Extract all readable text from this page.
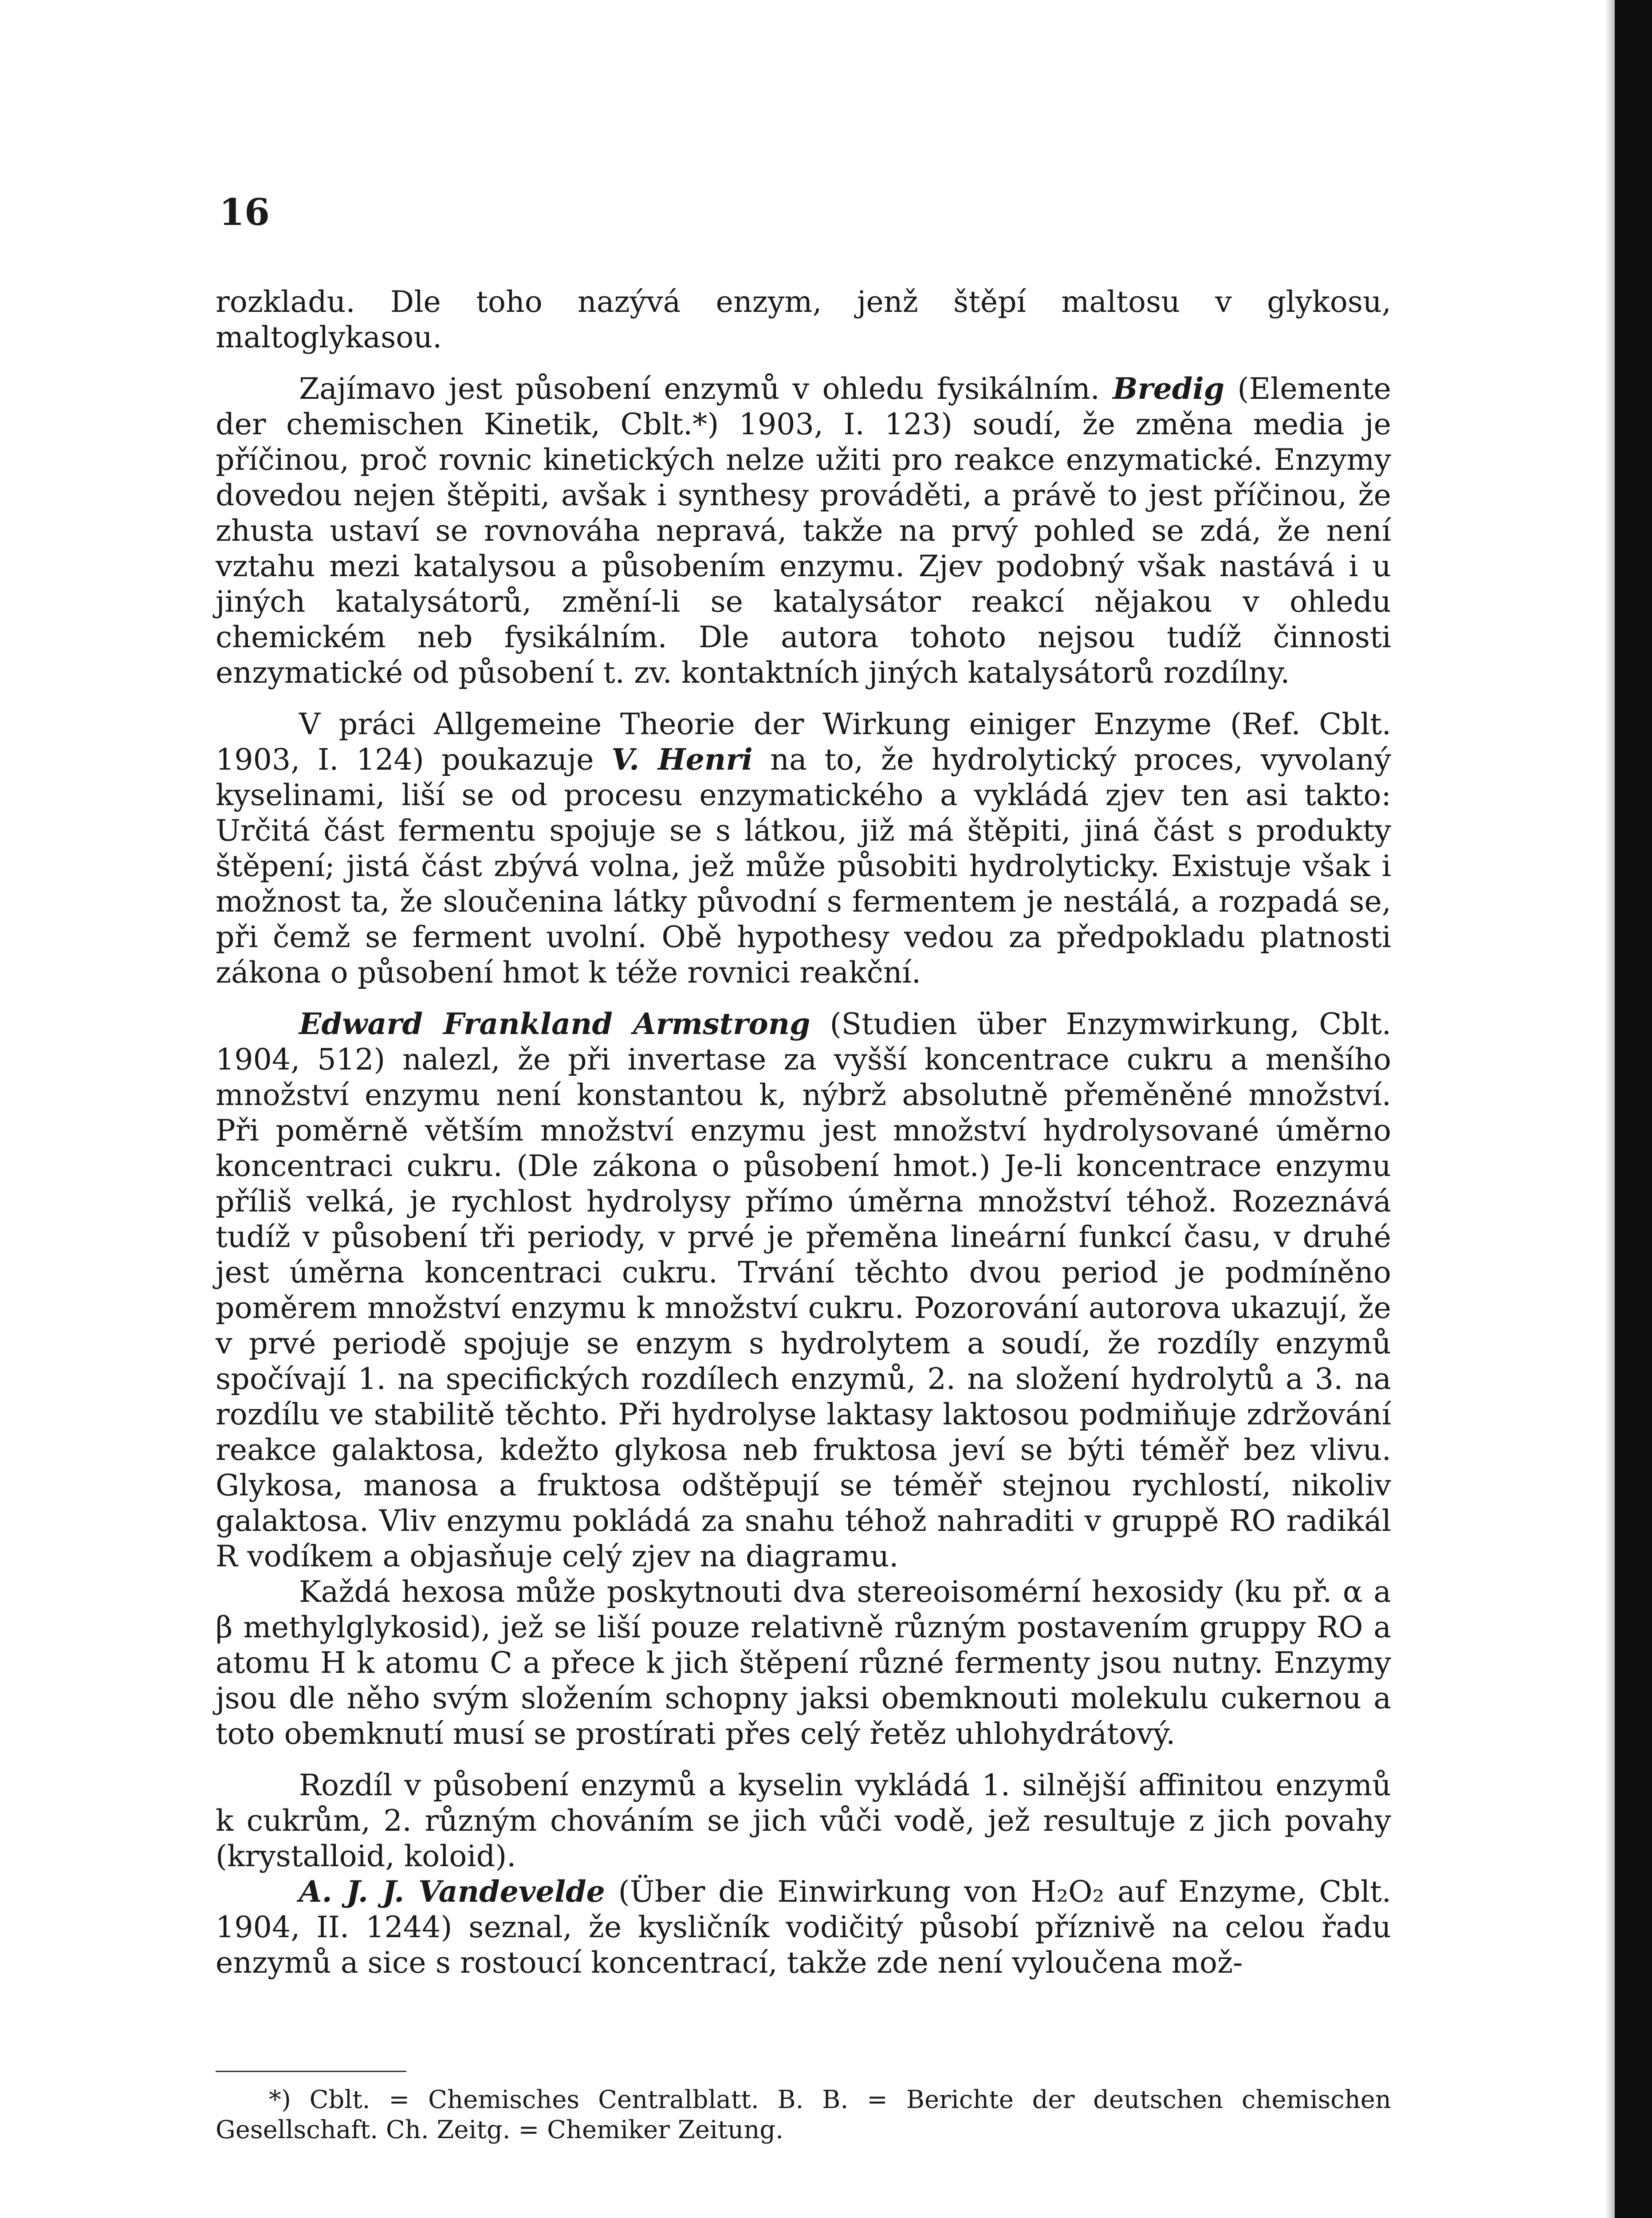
16

rozkladu. Dle toho nazývá enzym, jenž štěpí maltosu v glykosu, maltoglykasou.

Zajímavo jest působení enzymů v ohledu fysikálním. Bredig (Elemente der chemischen Kinetik, Cblt.*) 1903, I. 123) soudí, že změna media je příčinou, proč rovnic kinetických nelze užiti pro reakce enzymatické. Enzymy dovedou nejen štěpiti, avšak i synthesy prováděti, a právě to jest příčinou, že zhusta ustaví se rovnováha nepravá, takže na prvý pohled se zdá, že není vztahu mezi katalysou a působením enzymu. Zjev podobný však nastává i u jiných katalysátorů, změní-li se katalysátor reakcí nějakou v ohledu chemickém neb fysikálním. Dle autora tohoto nejsou tudíž činnosti enzymatické od působení t. zv. kontaktních jiných katalysátorů rozdílny.

V práci Allgemeine Theorie der Wirkung einiger Enzyme (Ref. Cblt. 1903, I. 124) poukazuje V. Henri na to, že hydrolytický proces, vyvolaný kyselinami, liší se od procesu enzymatického a vykládá zjev ten asi takto: Určitá část fermentu spojuje se s látkou, již má štěpiti, jiná část s produkty štěpení; jistá část zbývá volna, jež může působiti hydrolyticky. Existuje však i možnost ta, že sloučenina látky původní s fermentem je nestálá, a rozpadá se, při čemž se ferment uvolní. Obě hypothesy vedou za předpokladu platnosti zákona o působení hmot k téže rovnici reakční.

Edward Frankland Armstrong (Studien über Enzymwirkung, Cblt. 1904, 512) nalezl, že při invertase za vyšší koncentrace cukru a menšího množství enzymu není konstantou k, nýbrž absolutně přeměněné množství. Při poměrně větším množství enzymu jest množství hydrolysované úměrno koncentraci cukru. (Dle zákona o působení hmot.) Je-li koncentrace enzymu příliš velká, je rychlost hydrolysy přímo úměrna množství téhož. Rozeznává tudíž v působení tři periody, v prvé je přeměna lineární funkcí času, v druhé jest úměrna koncentraci cukru. Trvání těchto dvou period je podmíněno poměrem množství enzymu k množství cukru. Pozorování autorova ukazují, že v prvé periodě spojuje se enzym s hydrolytem a soudí, že rozdíly enzymů spočívají 1. na specifických rozdílech enzymů, 2. na složení hydrolytů a 3. na rozdílu ve stabilitě těchto. Při hydrolyse laktasy laktosou podmiňuje zdržování reakce galaktosa, kdežto glykosa neb fruktosa jeví se býti téměř bez vlivu. Glykosa, manosa a fruktosa odštěpují se téměř stejnou rychlostí, nikoliv galaktosa. Vliv enzymu pokládá za snahu téhož nahraditi v gruppě RO radikál R vodíkem a objasňuje celý zjev na diagramu.

Každá hexosa může poskytnouti dva stereoisomérní hexosidy (ku př. α a β methylglykosid), jež se liší pouze relativně různým postavením gruppy RO a atomu H k atomu C a přece k jich štěpení různé fermenty jsou nutny. Enzymy jsou dle něho svým složením schopny jaksi obemknouti molekulu cukernou a toto obemknutí musí se prostírati přes celý řetěz uhlohydrátový.

Rozdíl v působení enzymů a kyselin vykládá 1. silnější affinitou enzymů k cukrům, 2. různým chováním se jich vůči vodě, jež resultuje z jich povahy (krystalloid, koloid).

A. J. J. Vandevelde (Über die Einwirkung von H₂O₂ auf Enzyme, Cblt. 1904, II. 1244) seznal, že kysličník vodičitý působí příznivě na celou řadu enzymů a sice s rostoucí koncentrací, takže zde není vyloučena mož-

*) Cblt. = Chemisches Centralblatt. B. B. = Berichte der deutschen chemischen Gesellschaft. Ch. Zeitg. = Chemiker Zeitung.
